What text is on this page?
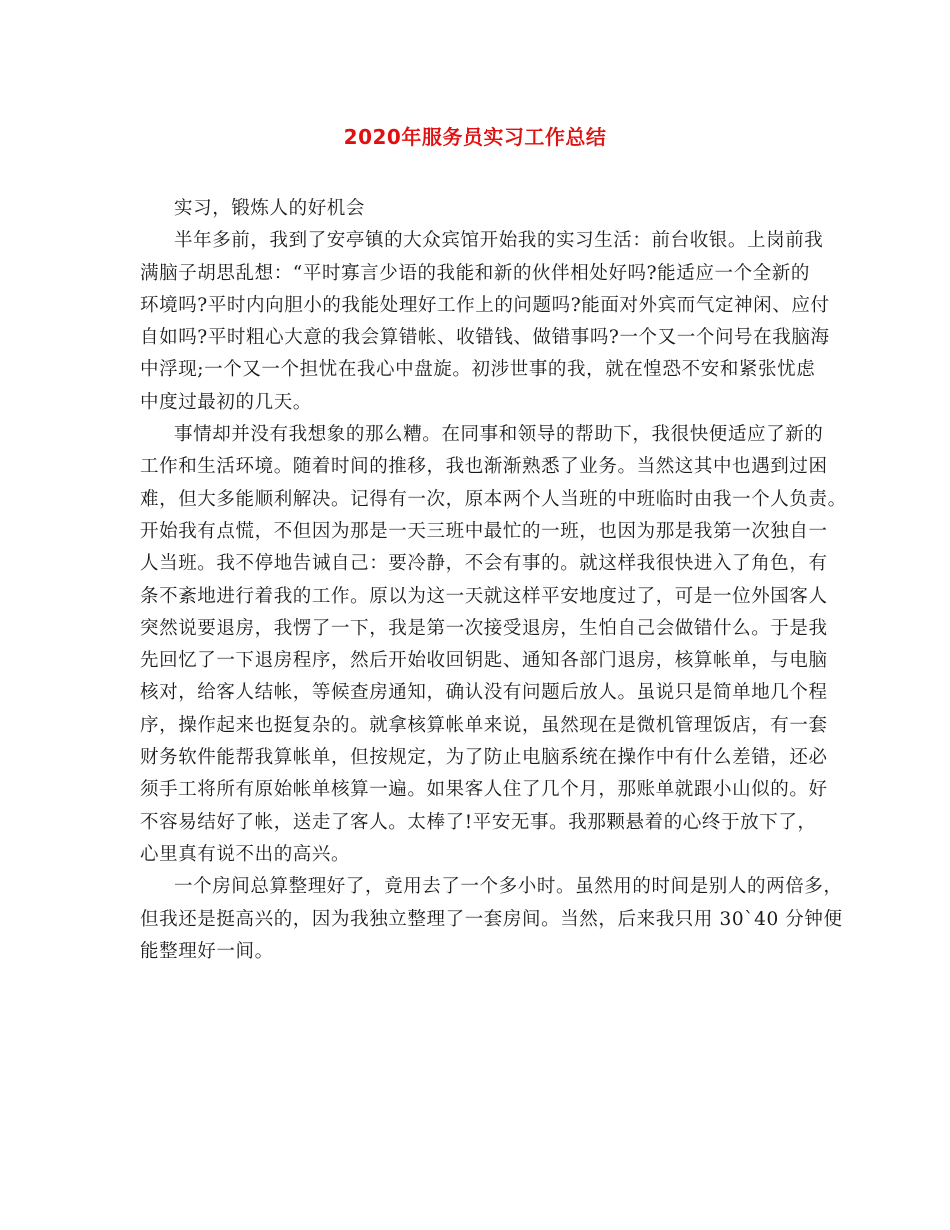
2020年服务员实习工作总结
实习，锻炼人的好机会
半年多前，我到了安亭镇的大众宾馆开始我的实习生活：前台收银。上岗前我
满脑子胡思乱想：“平时寡言少语的我能和新的伙伴相处好吗?能适应一个全新的
环境吗?平时内向胆小的我能处理好工作上的问题吗?能面对外宾而气定神闲、应付
自如吗?平时粗心大意的我会算错帐、收错钱、做错事吗?一个又一个问号在我脑海
中浮现;一个又一个担忧在我心中盘旋。初涉世事的我，就在惶恐不安和紧张忧虑
中度过最初的几天。
事情却并没有我想象的那么糟。在同事和领导的帮助下，我很快便适应了新的
工作和生活环境。随着时间的推移，我也渐渐熟悉了业务。当然这其中也遇到过困
难，但大多能顺利解决。记得有一次，原本两个人当班的中班临时由我一个人负责。
开始我有点慌，不但因为那是一天三班中最忙的一班，也因为那是我第一次独自一
人当班。我不停地告诫自己：要冷静，不会有事的。就这样我很快进入了角色，有
条不紊地进行着我的工作。原以为这一天就这样平安地度过了，可是一位外国客人
突然说要退房，我愣了一下，我是第一次接受退房，生怕自己会做错什么。于是我
先回忆了一下退房程序，然后开始收回钥匙、通知各部门退房，核算帐单，与电脑
核对，给客人结帐，等候查房通知，确认没有问题后放人。虽说只是简单地几个程
序，操作起来也挺复杂的。就拿核算帐单来说，虽然现在是微机管理饭店，有一套
财务软件能帮我算帐单，但按规定，为了防止电脑系统在操作中有什么差错，还必
须手工将所有原始帐单核算一遍。如果客人住了几个月，那账单就跟小山似的。好
不容易结好了帐，送走了客人。太棒了!平安无事。我那颗悬着的心终于放下了，
心里真有说不出的高兴。
一个房间总算整理好了，竟用去了一个多小时。虽然用的时间是别人的两倍多，
但我还是挺高兴的，因为我独立整理了一套房间。当然，后来我只用 30`40 分钟便
能整理好一间。
